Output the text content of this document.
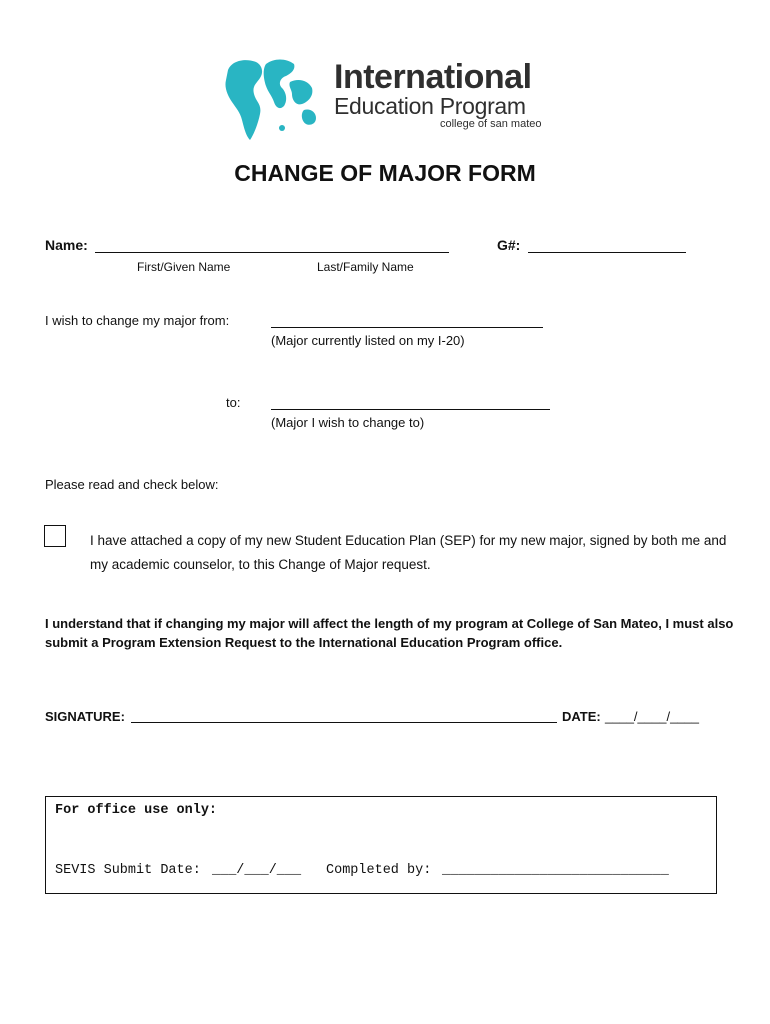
International
Education Program
college of san mateo
CHANGE OF MAJOR FORM
Name:	G#:
First/Given Name	Last/Family Name
I wish to change my major from:
(Major currently listed on my I-20)
to:
(Major I wish to change to)
Please read and check below:
I have attached a copy of my new Student Education Plan (SEP) for my new major, signed by both me and my academic counselor, to this Change of Major request.
I understand that if changing my major will affect the length of my program at College of San Mateo, I must also submit a Program Extension Request to the International Education Program office.
SIGNATURE:	DATE: ____/____/____
For office use only:
SEVIS Submit Date: ___/___/___ Completed by: ____________________________
